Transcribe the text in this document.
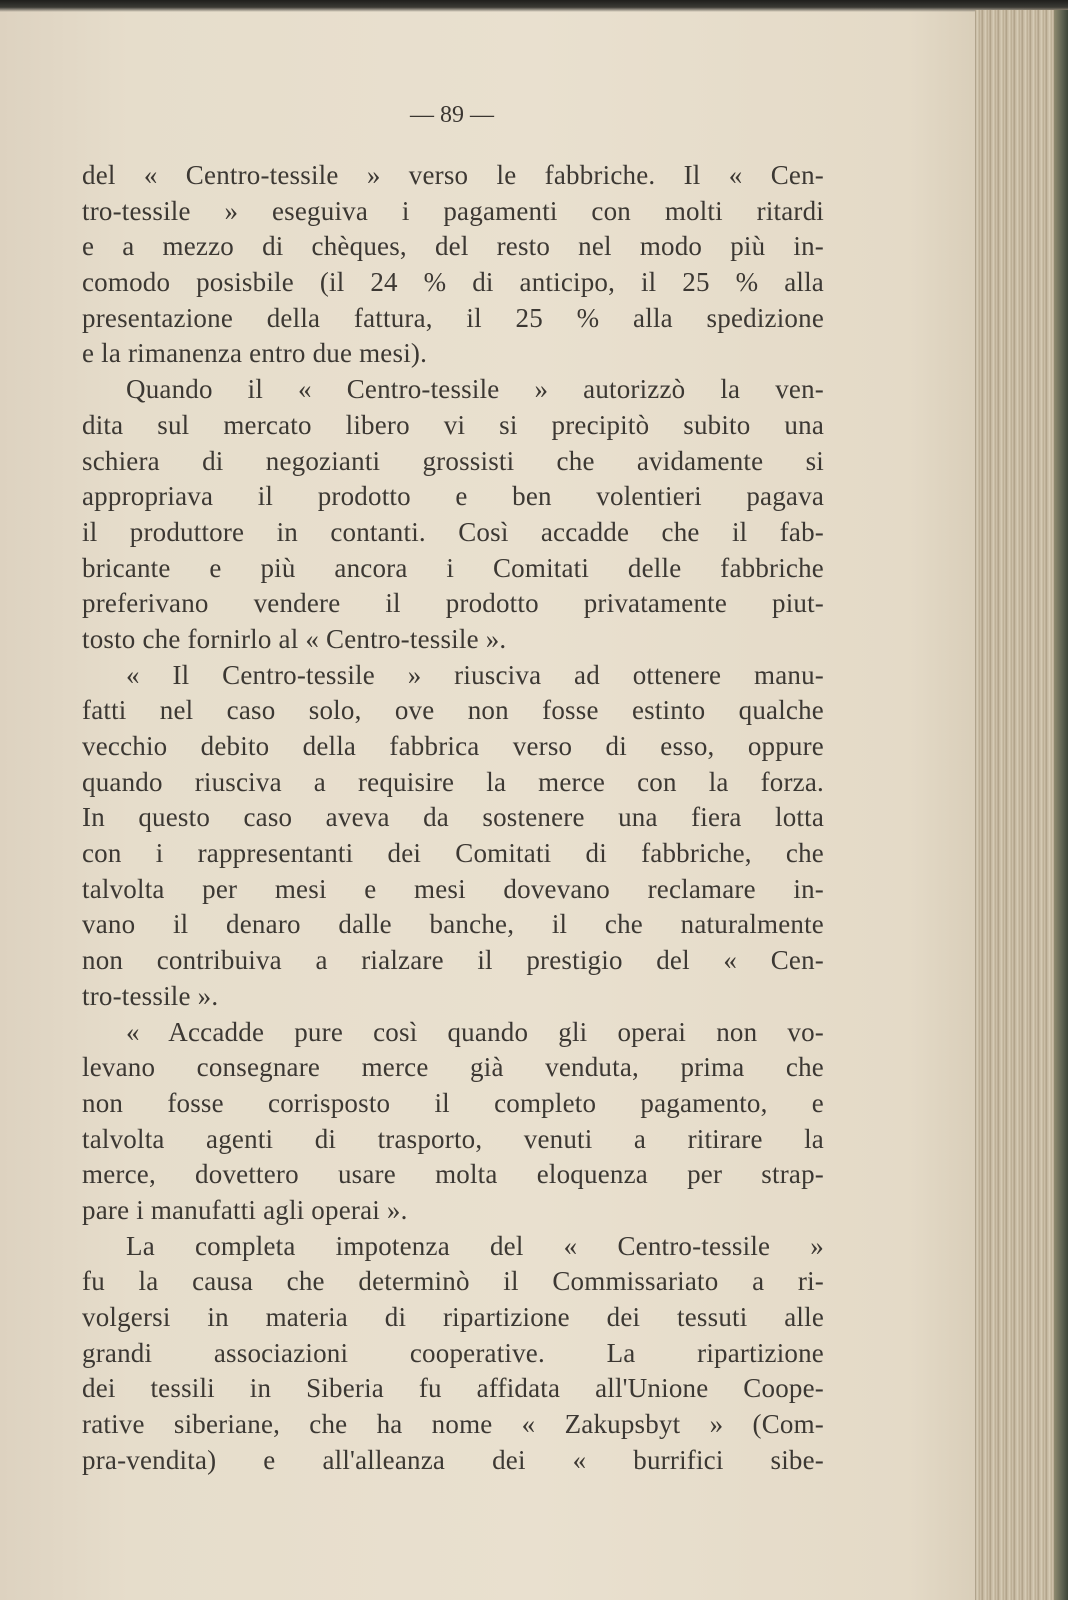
— 89 —
del « Centro-tessile » verso le fabbriche. Il « Cen-
tro-tessile » eseguiva i pagamenti con molti ritardi
e a mezzo di chèques, del resto nel modo più in-
comodo posisbile (il 24 % di anticipo, il 25 % alla
presentazione della fattura, il 25 % alla spedizione
e la rimanenza entro due mesi).
Quando il « Centro-tessile » autorizzò la ven-
dita sul mercato libero vi si precipitò subito una
schiera di negozianti grossisti che avidamente si
appropriava il prodotto e ben volentieri pagava
il produttore in contanti. Così accadde che il fab-
bricante e più ancora i Comitati delle fabbriche
preferivano vendere il prodotto privatamente piut-
tosto che fornirlo al « Centro-tessile ».
« Il Centro-tessile » riusciva ad ottenere manu-
fatti nel caso solo, ove non fosse estinto qualche
vecchio debito della fabbrica verso di esso, oppure
quando riusciva a requisire la merce con la forza.
In questo caso aveva da sostenere una fiera lotta
con i rappresentanti dei Comitati di fabbriche, che
talvolta per mesi e mesi dovevano reclamare in-
vano il denaro dalle banche, il che naturalmente
non contribuiva a rialzare il prestigio del « Cen-
tro-tessile ».
« Accadde pure così quando gli operai non vo-
levano consegnare merce già venduta, prima che
non fosse corrisposto il completo pagamento, e
talvolta agenti di trasporto, venuti a ritirare la
merce, dovettero usare molta eloquenza per strap-
pare i manufatti agli operai ».
La completa impotenza del « Centro-tessile »
fu la causa che determinò il Commissariato a ri-
volgersi in materia di ripartizione dei tessuti alle
grandi associazioni cooperative. La ripartizione
dei tessili in Siberia fu affidata all'Unione Coope-
rative siberiane, che ha nome « Zakupsbyt » (Com-
pra-vendita) e all'alleanza dei « burrifici sibe-
